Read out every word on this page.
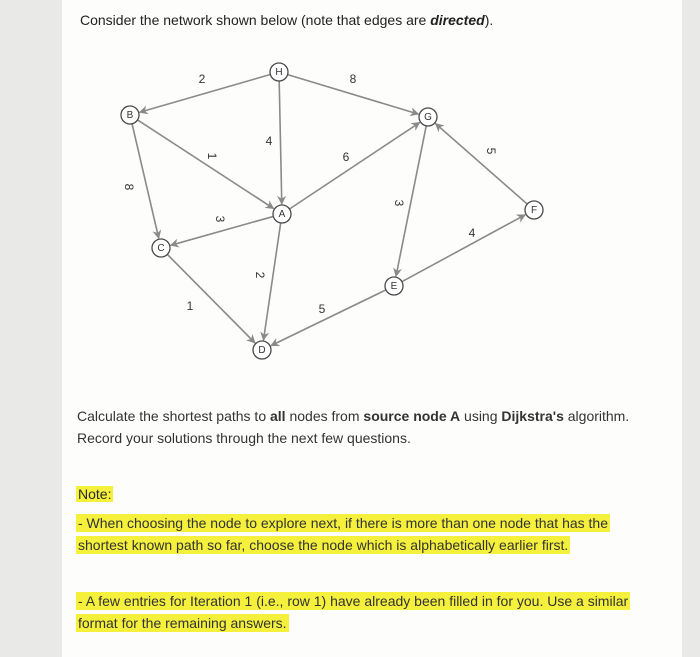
Consider the network shown below (note that edges are directed).
2	8
4
1
8
3
6
2
1
3
5
4
5
B
H
G
F
A
C
E
D
Calculate the shortest paths to all nodes from source node A using Dijkstra's algorithm. Record your solutions through the next few questions.
Note:
- When choosing the node to explore next, if there is more than one node that has the shortest known path so far, choose the node which is alphabetically earlier first.
- A few entries for Iteration 1 (i.e., row 1) have already been filled in for you. Use a similar format for the remaining answers.
